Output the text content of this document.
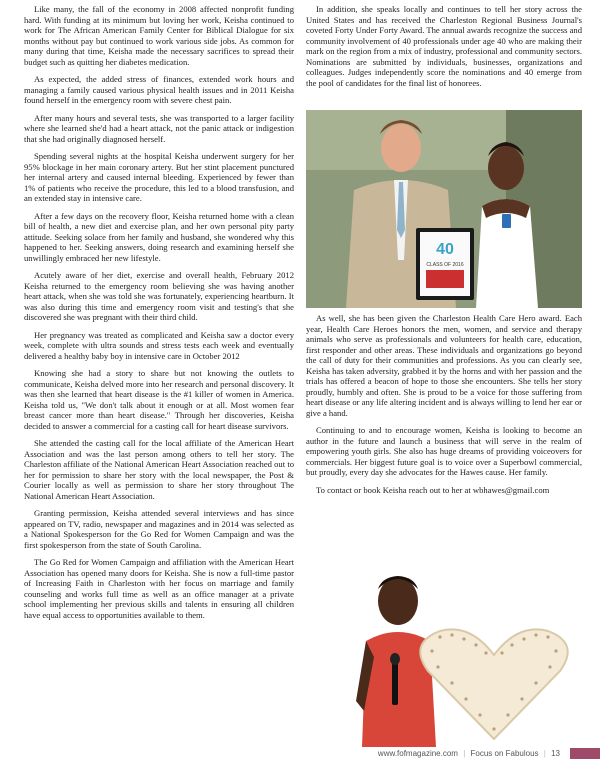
Like many, the fall of the economy in 2008 affected nonprofit funding hard. With funding at its minimum but loving her work, Keisha continued to work for The African American Family Center for Biblical Dialogue for six months without pay but continued to work various side jobs. As common for many during that time, Keisha made the necessary sacrifices to spread their budget such as quitting her diabetes medication.

As expected, the added stress of finances, extended work hours and managing a family caused various physical health issues and in 2011 Keisha found herself in the emergency room with severe chest pain.

After many hours and several tests, she was transported to a larger facility where she learned she'd had a heart attack, not the panic attack or indigestion that she had originally diagnosed herself.

Spending several nights at the hospital Keisha underwent surgery for her 95% blockage in her main coronary artery. But her stint placement punctured her internal artery and caused internal bleeding. Experienced by fewer than 1% of patients who receive the procedure, this led to a blood transfusion, and an extended stay in intensive care.

After a few days on the recovery floor, Keisha returned home with a clean bill of health, a new diet and exercise plan, and her own personal pity party attitude. Seeking solace from her family and husband, she wondered why this happened to her. Seeking answers, doing research and examining herself she unwillingly embraced her new lifestyle.

Acutely aware of her diet, exercise and overall health, February 2012 Keisha returned to the emergency room believing she was having another heart attack, when she was told she was fortunately, experiencing heartburn. It was also during this time and emergency room visit and testing's that she discovered she was pregnant with their third child.

Her pregnancy was treated as complicated and Keisha saw a doctor every week, complete with ultra sounds and stress tests each week and eventually delivered a healthy baby boy in intensive care in October 2012

Knowing she had a story to share but not knowing the outlets to communicate, Keisha delved more into her research and personal discovery. It was then she learned that heart disease is the #1 killer of women in America. Keisha told us, "We don't talk about it enough or at all. Most women fear breast cancer more than heart disease." Through her discoveries, Keisha decided to answer a commercial for a casting call for heart disease survivors.

She attended the casting call for the local affiliate of the American Heart Association and was the last person among others to tell her story. The Charleston affiliate of the National American Heart Association reached out to her for permission to share her story with the local newspaper, the Post & Courier locally as well as permission to share her story throughout The National American Heart Association.

Granting permission, Keisha attended several interviews and has since appeared on TV, radio, newspaper and magazines and in 2014 was selected as a National Spokesperson for the Go Red for Women Campaign and was the first spokesperson from the state of South Carolina.

The Go Red for Women Campaign and affiliation with the American Heart Association has opened many doors for Keisha. She is now a full-time pastor of Increasing Faith in Charleston with her focus on marriage and family counseling and works full time as well as an office manager at a private school implementing her previous skills and talents in ensuring all children have equal access to opportunities available to them.

In addition, she speaks locally and continues to tell her story across the United States and has received the Charleston Regional Business Journal's coveted Forty Under Forty Award. The annual awards recognize the success and community involvement of 40 professionals under age 40 who are making their mark on the region from a mix of industry, professional and community sectors. Nominations are submitted by individuals, businesses, organizations and colleagues. Judges independently score the nominations and 40 emerge from the pool of candidates for the final list of honorees.

40
CLASS OF 2016

As well, she has been given the Charleston Health Care Hero award. Each year, Health Care Heroes honors the men, women, and service and therapy animals who serve as professionals and volunteers for health care, education, first responder and other areas. These individuals and organizations go beyond the call of duty for their communities and professions. As you can clearly see, Keisha has taken adversity, grabbed it by the horns and with her passion and the trials has offered a beacon of hope to those she encounters. She tells her story proudly, humbly and often. She is proud to be a voice for those suffering from heart disease or any life altering incident and is always willing to lend her ear or give a hand.

Continuing to and to encourage women, Keisha is looking to become an author in the future and launch a business that will serve in the realm of empowering youth girls. She also has huge dreams of providing voiceovers for commercials. Her biggest future goal is to voice over a Superbowl commercial, but proudly, every day she advocates for the Hawes cause. Her family.

To contact or book Keisha reach out to her at wbhawes@gmail.com

www.fofmagazine.com | Focus on Fabulous | 13
